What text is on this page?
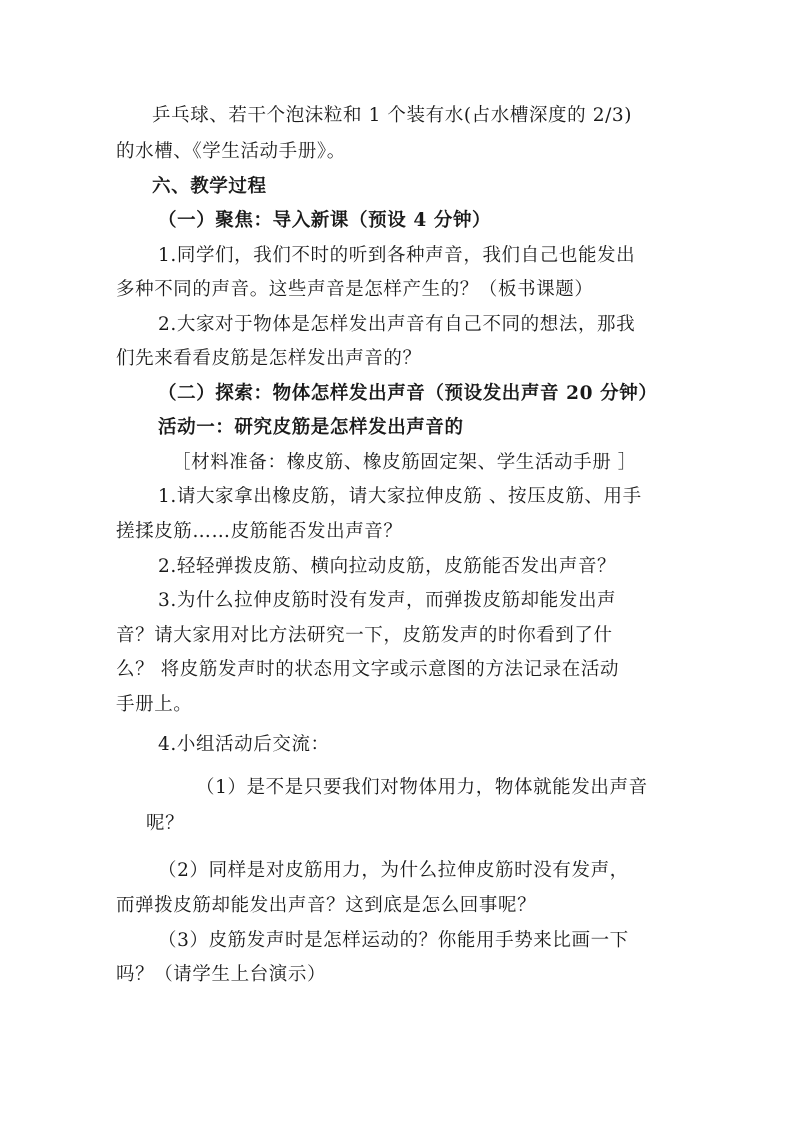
乒乓球、若干个泡沫粒和 1 个装有水(占水槽深度的 2/3)
的水槽、《学生活动手册》。
六、教学过程
（一）聚焦：导入新课（预设 4 分钟）
1.同学们，我们不时的听到各种声音，我们自己也能发出
多种不同的声音。这些声音是怎样产生的？（板书课题）
2.大家对于物体是怎样发出声音有自己不同的想法，那我
们先来看看皮筋是怎样发出声音的？
（二）探索：物体怎样发出声音（预设发出声音 20 分钟）
活动一：研究皮筋是怎样发出声音的
［材料准备：橡皮筋、橡皮筋固定架、学生活动手册 ］
1.请大家拿出橡皮筋，请大家拉伸皮筋 、按压皮筋、用手
搓揉皮筋……皮筋能否发出声音？
2.轻轻弹拨皮筋、横向拉动皮筋，皮筋能否发出声音？
3.为什么拉伸皮筋时没有发声，而弹拨皮筋却能发出声
音？请大家用对比方法研究一下，皮筋发声的时你看到了什
么？ 将皮筋发声时的状态用文字或示意图的方法记录在活动
手册上。
4.小组活动后交流：
（1）是不是只要我们对物体用力，物体就能发出声音
呢？
（2）同样是对皮筋用力，为什么拉伸皮筋时没有发声，
而弹拨皮筋却能发出声音？这到底是怎么回事呢？
（3）皮筋发声时是怎样运动的？你能用手势来比画一下
吗？（请学生上台演示）
